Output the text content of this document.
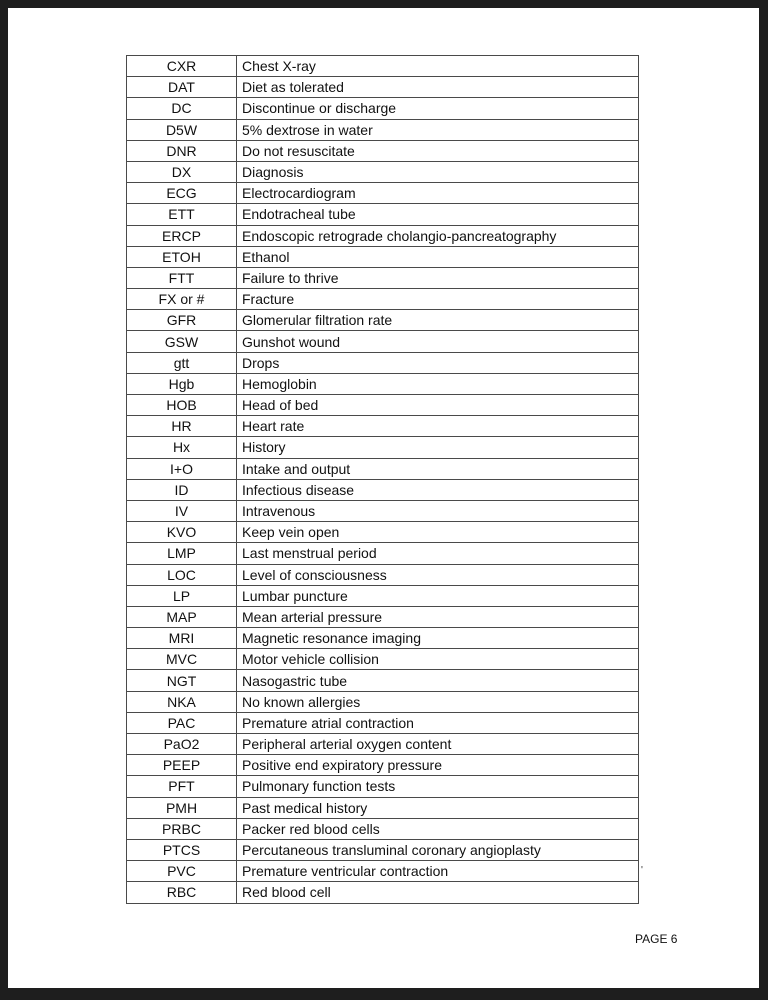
CXR	Chest X-ray
DAT	Diet as tolerated
DC	Discontinue or discharge
D5W	5% dextrose in water
DNR	Do not resuscitate
DX	Diagnosis
ECG	Electrocardiogram
ETT	Endotracheal tube
ERCP	Endoscopic retrograde cholangio-pancreatography
ETOH	Ethanol
FTT	Failure to thrive
FX or #	Fracture
GFR	Glomerular filtration rate
GSW	Gunshot wound
gtt	Drops
Hgb	Hemoglobin
HOB	Head of bed
HR	Heart rate
Hx	History
I+O	Intake and output
ID	Infectious disease
IV	Intravenous
KVO	Keep vein open
LMP	Last menstrual period
LOC	Level of consciousness
LP	Lumbar puncture
MAP	Mean arterial pressure
MRI	Magnetic resonance imaging
MVC	Motor vehicle collision
NGT	Nasogastric tube
NKA	No known allergies
PAC	Premature atrial contraction
PaO2	Peripheral arterial oxygen content
PEEP	Positive end expiratory pressure
PFT	Pulmonary function tests
PMH	Past medical history
PRBC	Packer red blood cells
PTCS	Percutaneous transluminal coronary angioplasty
PVC	Premature ventricular contraction
RBC	Red blood cell
'
PAGE 6
